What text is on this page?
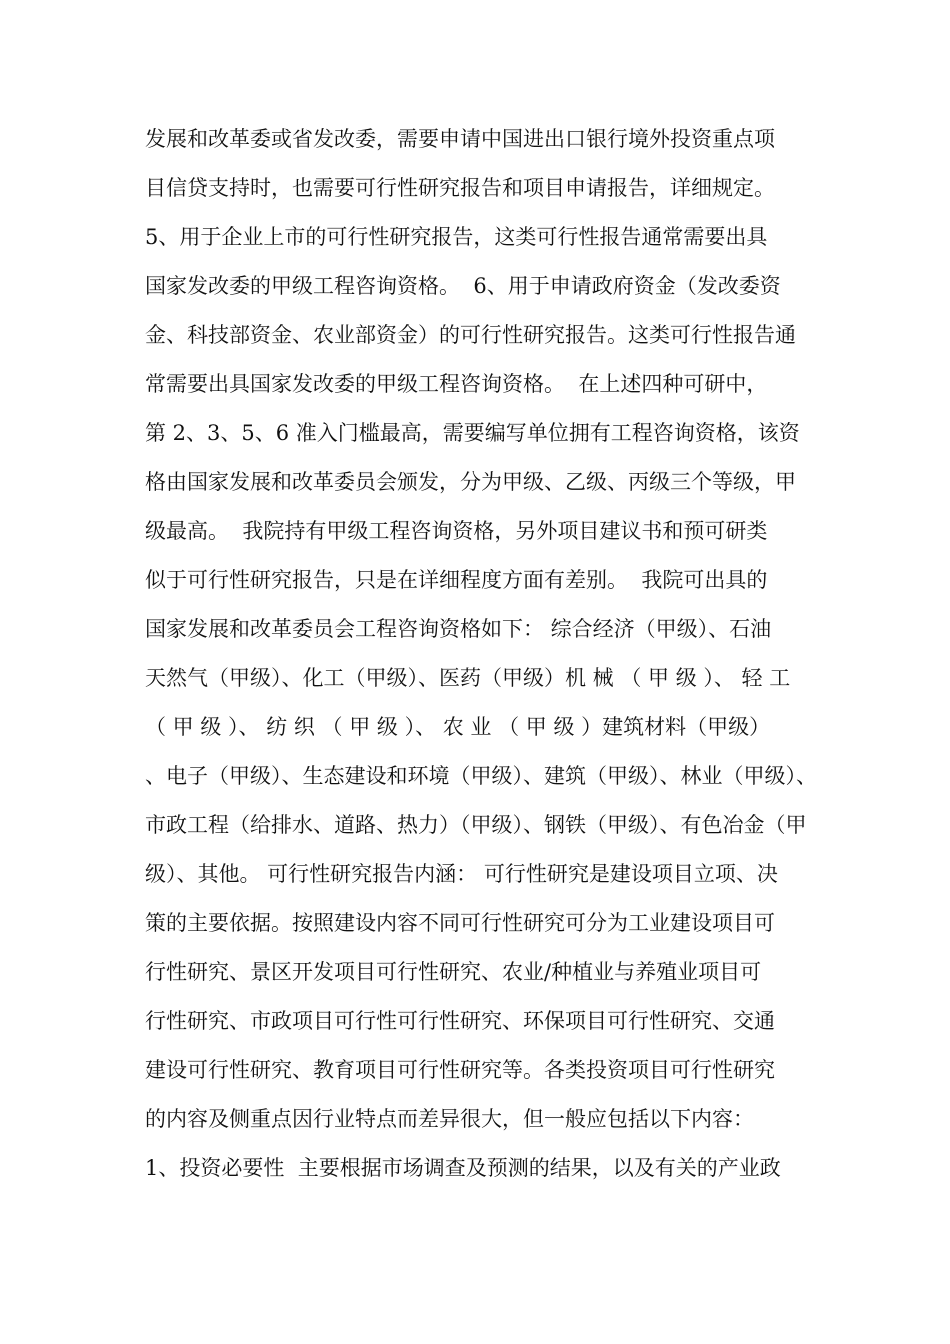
发展和改革委或省发改委，需要申请中国进出口银行境外投资重点项
目信贷支持时，也需要可行性研究报告和项目申请报告，详细规定。
5、用于企业上市的可行性研究报告，这类可行性报告通常需要出具
国家发改委的甲级工程咨询资格。  6、用于申请政府资金（发改委资
金、科技部资金、农业部资金）的可行性研究报告。这类可行性报告通
常需要出具国家发改委的甲级工程咨询资格。  在上述四种可研中，
第 2、3、5、6 准入门槛最高，需要编写单位拥有工程咨询资格，该资
格由国家发展和改革委员会颁发，分为甲级、乙级、丙级三个等级，甲
级最高。  我院持有甲级工程咨询资格，另外项目建议书和预可研类
似于可行性研究报告，只是在详细程度方面有差别。  我院可出具的
国家发展和改革委员会工程咨询资格如下： 综合经济（甲级）、石油
天然气（甲级）、化工（甲级）、医药（甲级）机 械 （ 甲 级 ）、 轻 工
（ 甲 级 ）、 纺 织 （ 甲 级 ）、 农 业 （ 甲 级 ）建筑材料（甲级）
、电子（甲级）、生态建设和环境（甲级）、建筑（甲级）、林业（甲级）、
市政工程（给排水、道路、热力）（甲级）、钢铁（甲级）、有色冶金（甲
级）、其他。 可行性研究报告内涵： 可行性研究是建设项目立项、决
策的主要依据。按照建设内容不同可行性研究可分为工业建设项目可
行性研究、景区开发项目可行性研究、农业/种植业与养殖业项目可
行性研究、市政项目可行性可行性研究、环保项目可行性研究、交通
建设可行性研究、教育项目可行性研究等。各类投资项目可行性研究
的内容及侧重点因行业特点而差异很大，但一般应包括以下内容：
1、投资必要性  主要根据市场调查及预测的结果，以及有关的产业政
